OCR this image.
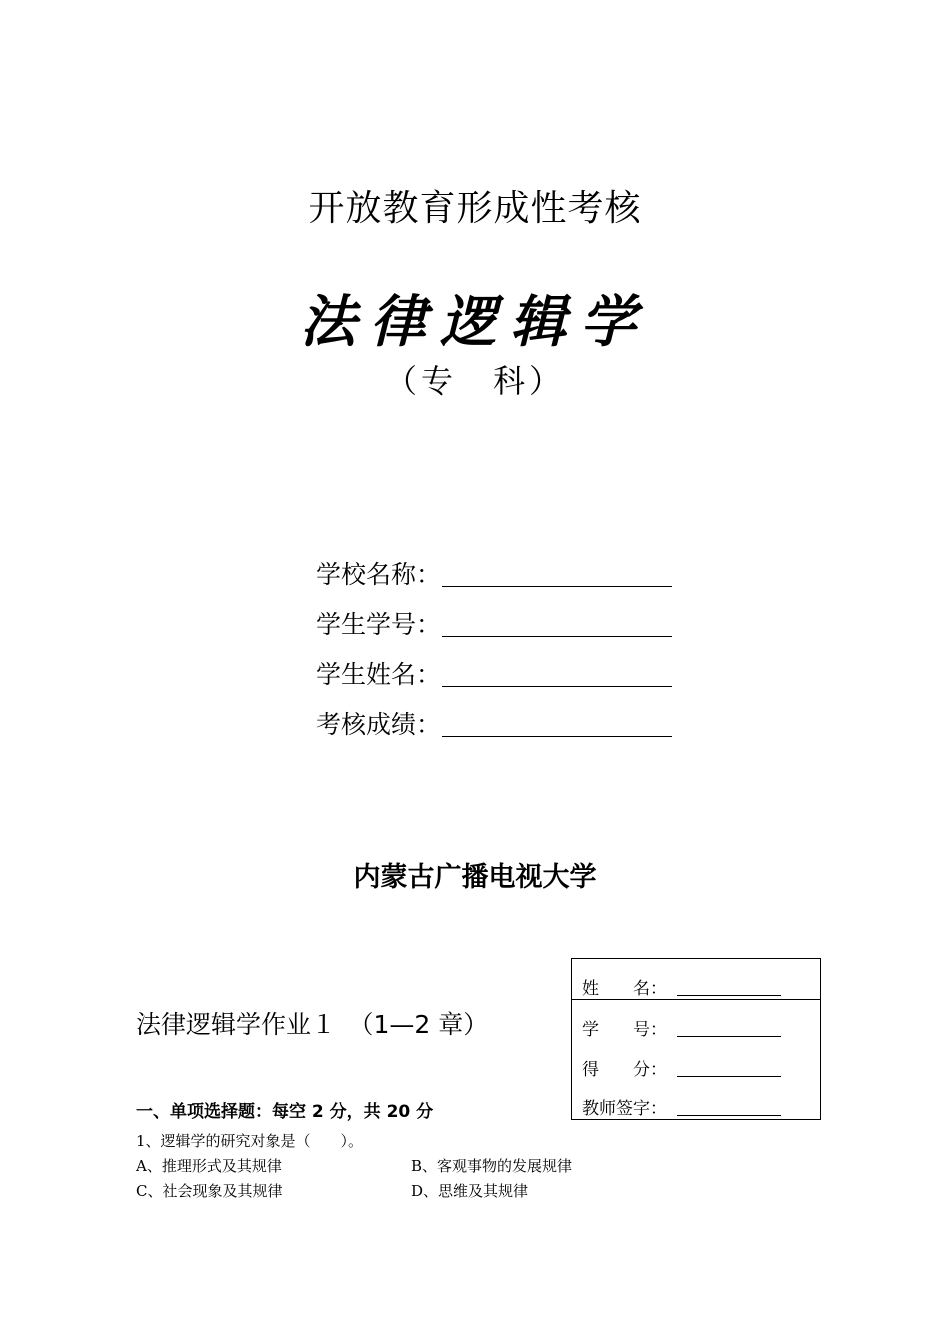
开放教育形成性考核
法律逻辑学
（专　科）
学校名称：
学生学号：
学生姓名：
考核成绩：
内蒙古广播电视大学
姓　　名：
学　　号：
得　　分：
教师签字：
法律逻辑学作业１　（1—2 章）
一、单项选择题：每空 2 分，共 20 分
1、逻辑学的研究对象是（　　）。
A、推理形式及其规律	B、客观事物的发展规律
C、社会现象及其规律	D、思维及其规律
